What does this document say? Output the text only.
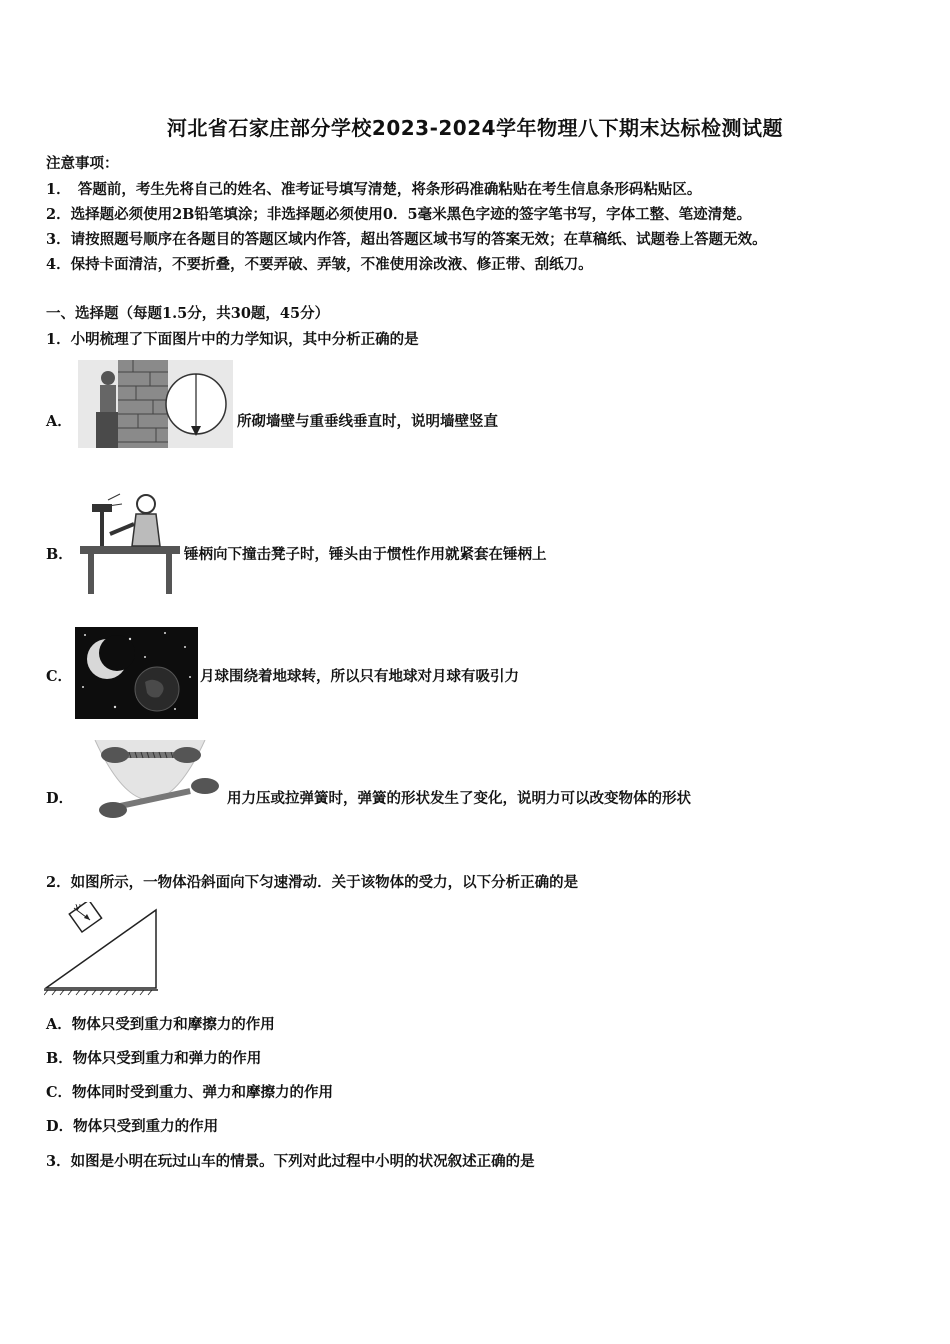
河北省石家庄部分学校2023-2024学年物理八下期末达标检测试题
注意事项：
1．　答题前，考生先将自己的姓名、准考证号填写清楚，将条形码准确粘贴在考生信息条形码粘贴区。
2．选择题必须使用2B铅笔填涂；非选择题必须使用0．5毫米黑色字迹的签字笔书写，字体工整、笔迹清楚。
3．请按照题号顺序在各题目的答题区域内作答，超出答题区域书写的答案无效；在草稿纸、试题卷上答题无效。
4．保持卡面清洁，不要折叠，不要弄破、弄皱，不准使用涂改液、修正带、刮纸刀。
一、选择题（每题1.5分，共30题，45分）
1．小明梳理了下面图片中的力学知识，其中分析正确的是
A．	所砌墙壁与重垂线垂直时，说明墙壁竖直
B．	锤柄向下撞击凳子时，锤头由于惯性作用就紧套在锤柄上
C．	月球围绕着地球转，所以只有地球对月球有吸引力
D．	用力压或拉弹簧时，弹簧的形状发生了变化，说明力可以改变物体的形状
2．如图所示，一物体沿斜面向下匀速滑动．关于该物体的受力，以下分析正确的是
v
A．物体只受到重力和摩擦力的作用
B．物体只受到重力和弹力的作用
C．物体同时受到重力、弹力和摩擦力的作用
D．物体只受到重力的作用
3．如图是小明在玩过山车的情景。下列对此过程中小明的状况叙述正确的是
